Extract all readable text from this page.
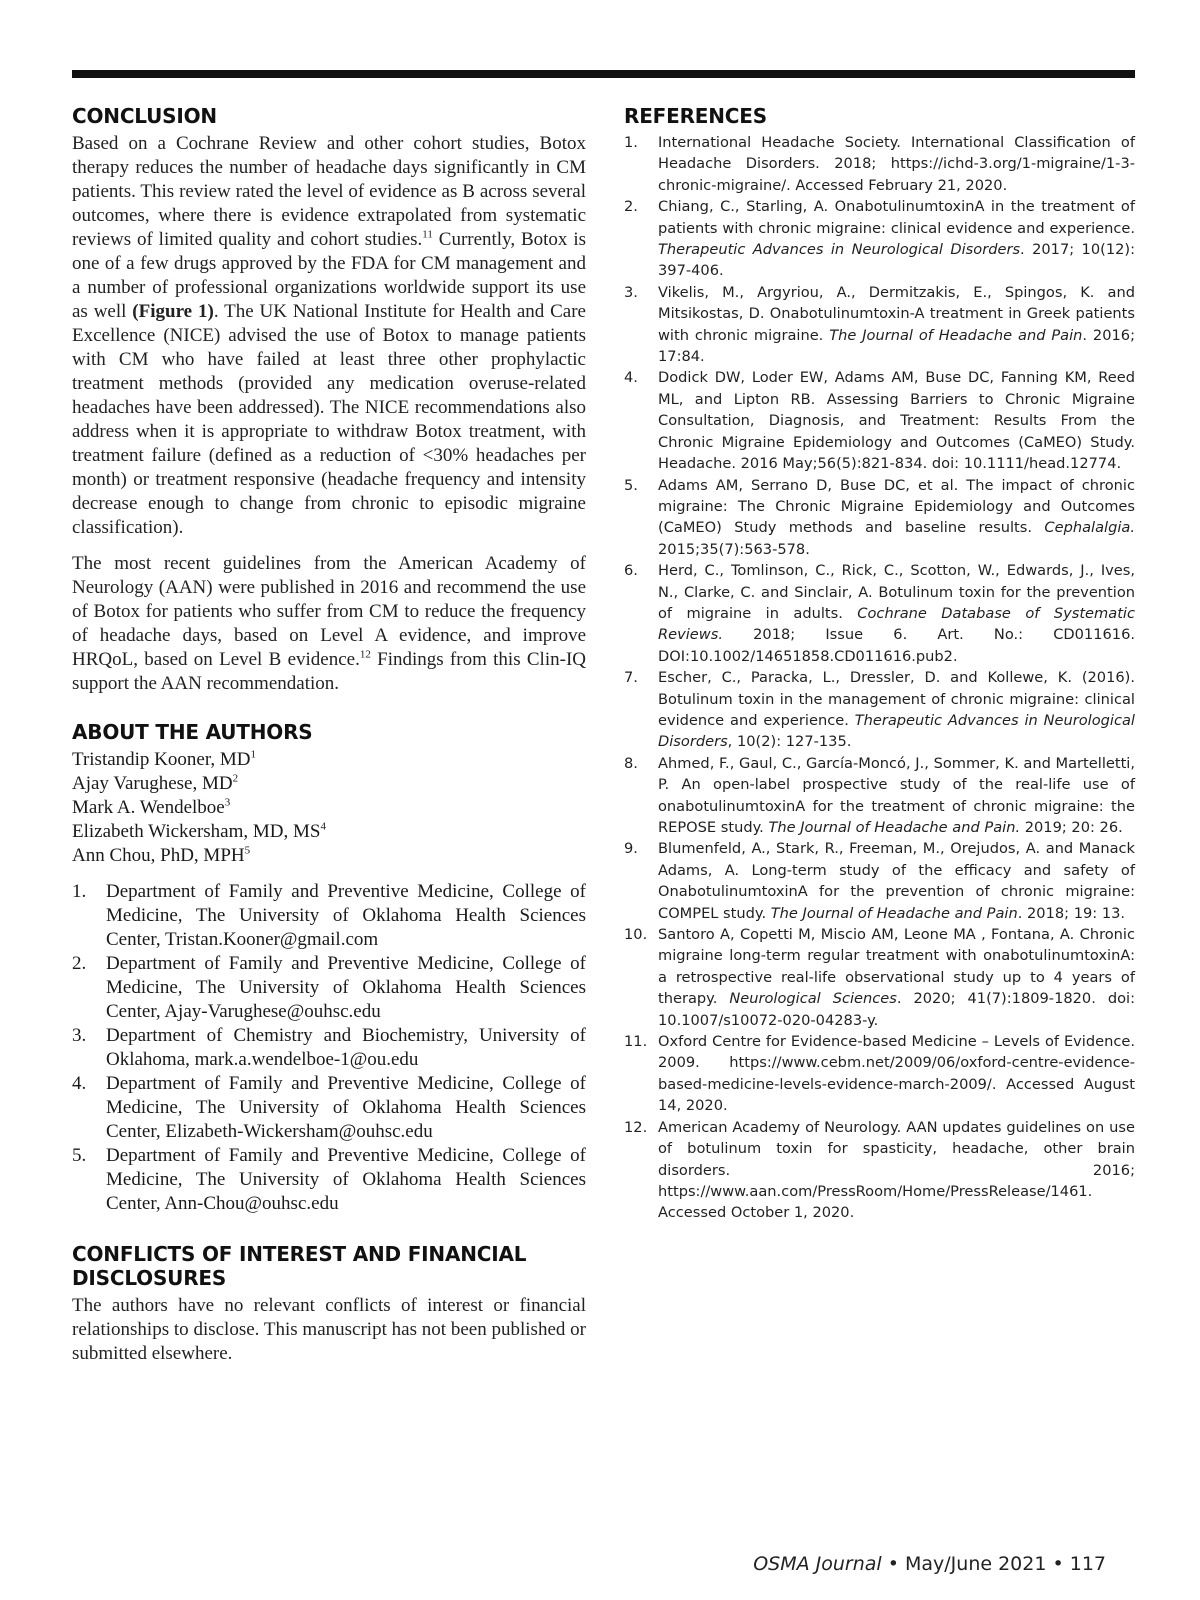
CONCLUSION

Based on a Cochrane Review and other cohort studies, Botox therapy reduces the number of headache days significantly in CM patients. This review rated the level of evidence as B across several outcomes, where there is evidence extrapolated from systematic reviews of limited quality and cohort studies.$^{11}$ Currently, Botox is one of a few drugs approved by the FDA for CM management and a number of professional organizations worldwide support its use as well (Figure 1). The UK National Institute for Health and Care Excellence (NICE) advised the use of Botox to manage patients with CM who have failed at least three other prophylactic treatment methods (provided any medication overuse-related headaches have been addressed). The NICE recommendations also address when it is appropriate to withdraw Botox treatment, with treatment failure (defined as a reduction of <30% headaches per month) or treatment responsive (headache frequency and intensity decrease enough to change from chronic to episodic migraine classification).

The most recent guidelines from the American Academy of Neurology (AAN) were published in 2016 and recommend the use of Botox for patients who suffer from CM to reduce the frequency of headache days, based on Level A evidence, and improve HRQoL, based on Level B evidence.$^{12}$ Findings from this Clin-IQ support the AAN recommendation.

ABOUT THE AUTHORS
Tristandip Kooner, $MD^1$
Ajay Varughese, $MD^2$
Mark A. Wendelboe$^3$
Elizabeth Wickersham, MD, $MS^4$
Ann Chou, PhD, MPH$^5$
1.	Department of Family and Preventive Medicine, College of Medicine, The University of Oklahoma Health Sciences Center, Tristan.Kooner@gmail.com
2.	Department of Family and Preventive Medicine, College of Medicine, The University of Oklahoma Health Sciences Center, Ajay-Varughese@ouhsc.edu
3.	Department of Chemistry and Biochemistry, University of Oklahoma, mark.a.wendelboe-1@ou.edu
4.	Department of Family and Preventive Medicine, College of Medicine, The University of Oklahoma Health Sciences Center, Elizabeth-Wickersham@ouhsc.edu
5.	Department of Family and Preventive Medicine, College of Medicine, The University of Oklahoma Health Sciences Center, Ann-Chou@ouhsc.edu
CONFLICTS OF INTEREST AND FINANCIAL DISCLOSURES

The authors have no relevant conflicts of interest or financial relationships to disclose. This manuscript has not been published or submitted elsewhere.

REFERENCES
1.	International Headache Society. International Classification of Headache Disorders. 2018; https://ichd-3.org/1-migraine/1-3-chronic-migraine/. Accessed February 21, 2020.
2.	Chiang, C., Starling, A. OnabotulinumtoxinA in the treatment of patients with chronic migraine: clinical evidence and experience. Therapeutic Advances in Neurological Disorders. 2017; 10(12): 397-406.
3.	Vikelis, M., Argyriou, A., Dermitzakis, E., Spingos, K. and Mitsikostas, D. Onabotulinumtoxin-A treatment in Greek patients with chronic migraine. The Journal of Headache and Pain. 2016; 17:84.
4.	Dodick DW, Loder EW, Adams AM, Buse DC, Fanning KM, Reed ML, and Lipton RB. Assessing Barriers to Chronic Migraine Consultation, Diagnosis, and Treatment: Results From the Chronic Migraine Epidemiology and Outcomes (CaMEO) Study. Headache. 2016 May;56(5):821-834. doi: 10.1111/head.12774.
5.	Adams AM, Serrano D, Buse DC, et al. The impact of chronic migraine: The Chronic Migraine Epidemiology and Outcomes (CaMEO) Study methods and baseline results. Cephalalgia. 2015;35(7):563-578.
6.	Herd, C., Tomlinson, C., Rick, C., Scotton, W., Edwards, J., Ives, N., Clarke, C. and Sinclair, A. Botulinum toxin for the prevention of migraine in adults. Cochrane Database of Systematic Reviews. 2018; Issue 6. Art. No.: CD011616. DOI:10.1002/14651858.CD011616.pub2.
7.	Escher, C., Paracka, L., Dressler, D. and Kollewe, K. (2016). Botulinum toxin in the management of chronic migraine: clinical evidence and experience. Therapeutic Advances in Neurological Disorders, 10(2): 127-135.
8.	Ahmed, F., Gaul, C., García-Moncó, J., Sommer, K. and Martelletti, P. An open-label prospective study of the real-life use of onabotulinumtoxinA for the treatment of chronic migraine: the REPOSE study. The Journal of Headache and Pain. 2019; 20: 26.
9.	Blumenfeld, A., Stark, R., Freeman, M., Orejudos, A. and Manack Adams, A. Long-term study of the efficacy and safety of OnabotulinumtoxinA for the prevention of chronic migraine: COMPEL study. The Journal of Headache and Pain. 2018; 19: 13.
10. Santoro A, Copetti M, Miscio AM, Leone MA , Fontana, A. Chronic migraine long-term regular treatment with onabotulinumtoxinA: a retrospective real-life observational study up to 4 years of therapy. Neurological Sciences. 2020; 41(7):1809-1820. doi: 10.1007/s10072-020-04283-y.
11. Oxford Centre for Evidence-based Medicine – Levels of Evidence. 2009. https://www.cebm.net/2009/06/oxford-centre-evidence-based-medicine-levels-evidence-march-2009/. Accessed August 14, 2020.
12. American Academy of Neurology. AAN updates guidelines on use of botulinum toxin for spasticity, headache, other brain disorders. 2016; https://www.aan.com/PressRoom/Home/PressRelease/1461. Accessed October 1, 2020.
OSMA Journal • May/June 2021 • 117
